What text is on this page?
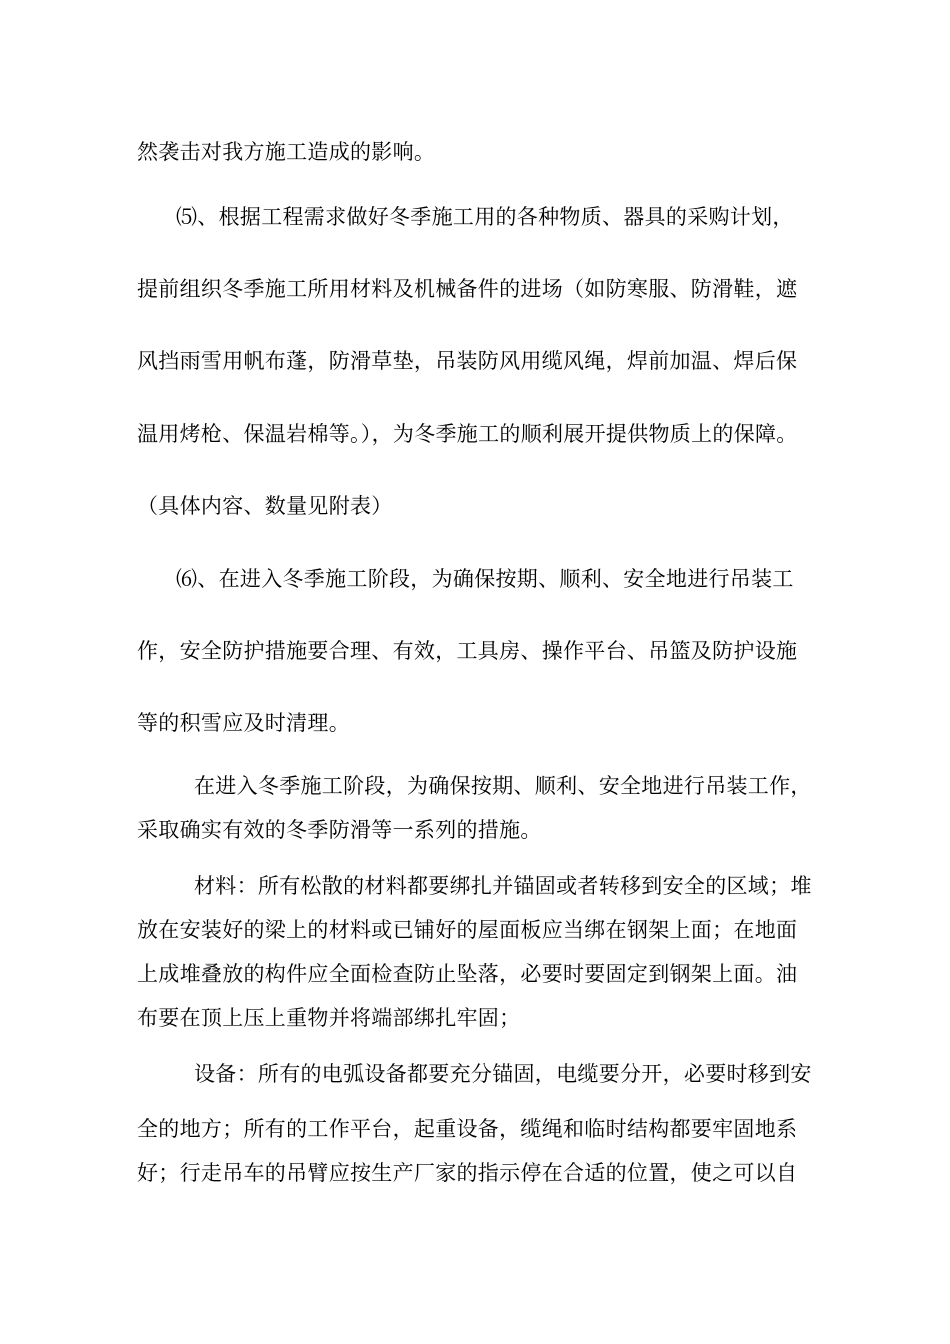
然袭击对我方施工造成的影响。
⑸、根据工程需求做好冬季施工用的各种物质、器具的采购计划，
提前组织冬季施工所用材料及机械备件的进场（如防寒服、防滑鞋，遮
风挡雨雪用帆布蓬，防滑草垫，吊装防风用缆风绳，焊前加温、焊后保
温用烤枪、保温岩棉等。），为冬季施工的顺利展开提供物质上的保障。
（具体内容、数量见附表）
⑹、在进入冬季施工阶段，为确保按期、顺利、安全地进行吊装工
作，安全防护措施要合理、有效，工具房、操作平台、吊篮及防护设施
等的积雪应及时清理。
在进入冬季施工阶段，为确保按期、顺利、安全地进行吊装工作，
采取确实有效的冬季防滑等一系列的措施。
材料：所有松散的材料都要绑扎并锚固或者转移到安全的区域；堆
放在安装好的梁上的材料或已铺好的屋面板应当绑在钢架上面；在地面
上成堆叠放的构件应全面检查防止坠落，必要时要固定到钢架上面。油
布要在顶上压上重物并将端部绑扎牢固；
设备：所有的电弧设备都要充分锚固，电缆要分开，必要时移到安
全的地方；所有的工作平台，起重设备，缆绳和临时结构都要牢固地系
好；行走吊车的吊臂应按生产厂家的指示停在合适的位置，使之可以自
